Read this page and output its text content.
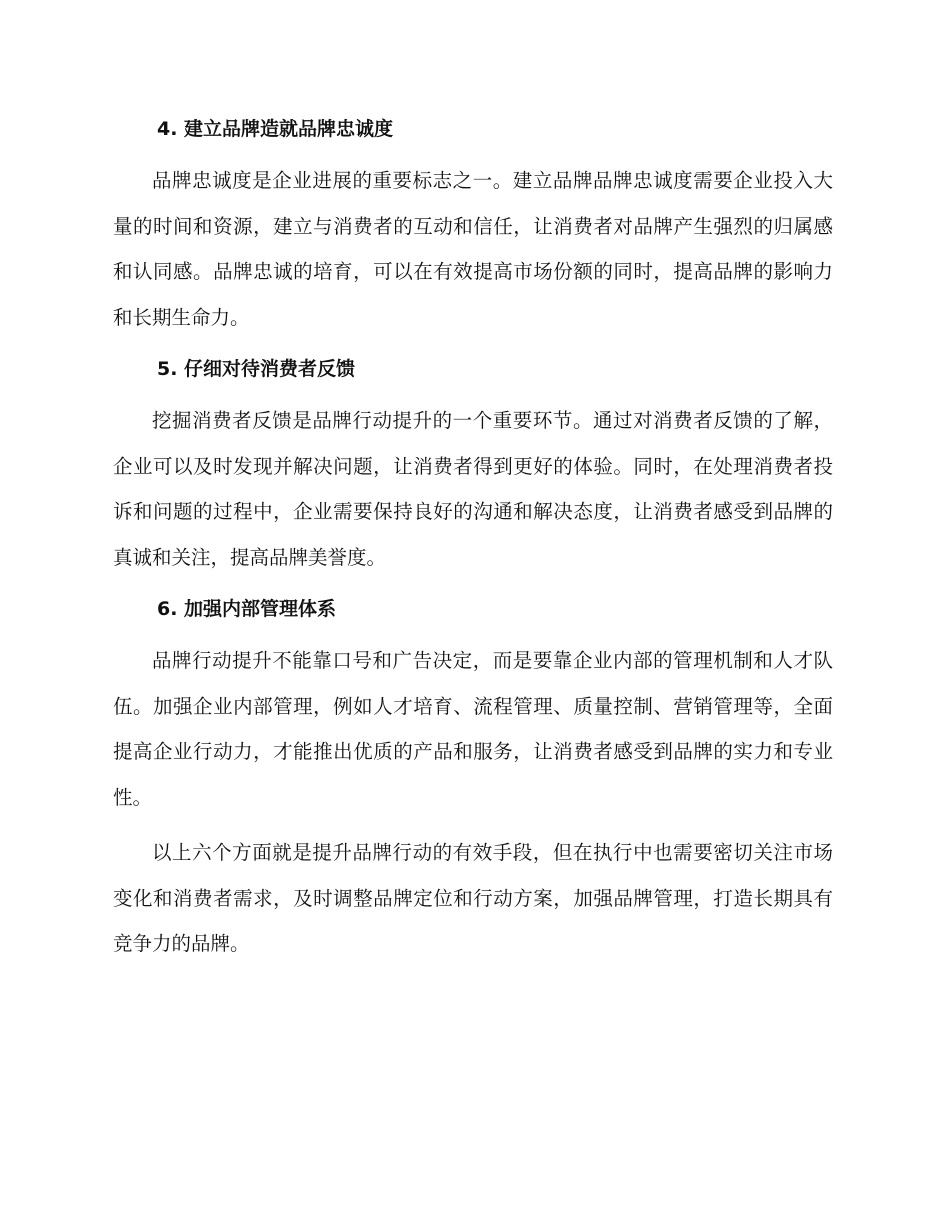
4. 建立品牌造就品牌忠诚度

品牌忠诚度是企业进展的重要标志之一。建立品牌品牌忠诚度需要企业投入大量的时间和资源，建立与消费者的互动和信任，让消费者对品牌产生强烈的归属感和认同感。品牌忠诚的培育，可以在有效提高市场份额的同时，提高品牌的影响力和长期生命力。

5. 仔细对待消费者反馈

挖掘消费者反馈是品牌行动提升的一个重要环节。通过对消费者反馈的了解，企业可以及时发现并解决问题，让消费者得到更好的体验。同时，在处理消费者投诉和问题的过程中，企业需要保持良好的沟通和解决态度，让消费者感受到品牌的真诚和关注，提高品牌美誉度。

6. 加强内部管理体系

品牌行动提升不能靠口号和广告决定，而是要靠企业内部的管理机制和人才队伍。加强企业内部管理，例如人才培育、流程管理、质量控制、营销管理等，全面提高企业行动力，才能推出优质的产品和服务，让消费者感受到品牌的实力和专业性。

以上六个方面就是提升品牌行动的有效手段，但在执行中也需要密切关注市场变化和消费者需求，及时调整品牌定位和行动方案，加强品牌管理，打造长期具有竞争力的品牌。
